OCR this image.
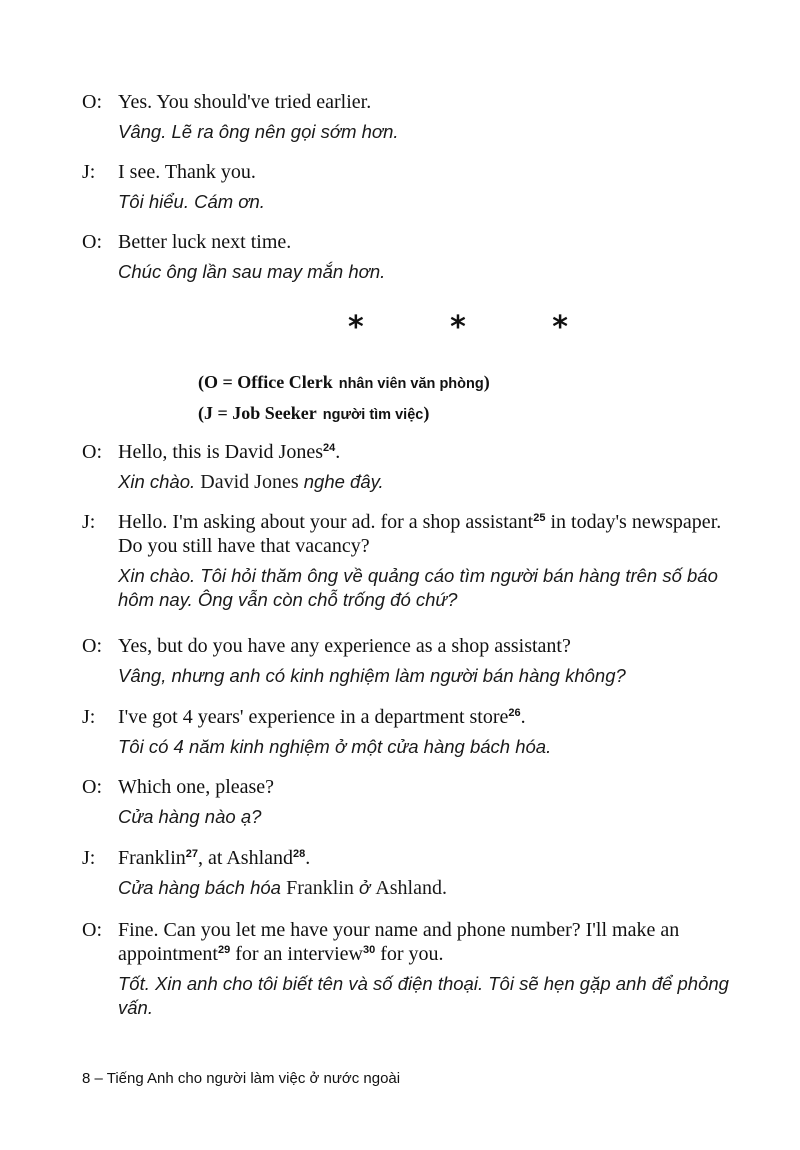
O: Yes. You should've tried earlier.
Vâng. Lẽ ra ông nên gọi sớm hơn.
J: I see. Thank you.
Tôi hiểu. Cám ơn.
O: Better luck next time.
Chúc ông lần sau may mắn hơn.
* * *
(O = Office Clerk nhân viên văn phòng)
(J = Job Seeker người tìm việc)
O: Hello, this is David Jones$^{24}$.
Xin chào. David Jones nghe đây.
J: Hello. I'm asking about your ad. for a shop assistant$^{25}$ in today's newspaper. Do you still have that vacancy?
Xin chào. Tôi hỏi thăm ông về quảng cáo tìm người bán hàng trên số báo hôm nay. Ông vẫn còn chỗ trống đó chứ?
O: Yes, but do you have any experience as a shop assistant?
Vâng, nhưng anh có kinh nghiệm làm người bán hàng không?
J: I've got 4 years' experience in a department store$^{26}$.
Tôi có 4 năm kinh nghiệm ở một cửa hàng bách hóa.
O: Which one, please?
Cửa hàng nào ạ?
J: Franklin$^{27}$, at Ashland$^{28}$.
Cửa hàng bách hóa Franklin ở Ashland.
O: Fine. Can you let me have your name and phone number? I'll make an appointment$^{29}$ for an interview$^{30}$ for you.
Tốt. Xin anh cho tôi biết tên và số điện thoại. Tôi sẽ hẹn gặp anh để phỏng vấn.
8 – Tiếng Anh cho người làm việc ở nước ngoài
